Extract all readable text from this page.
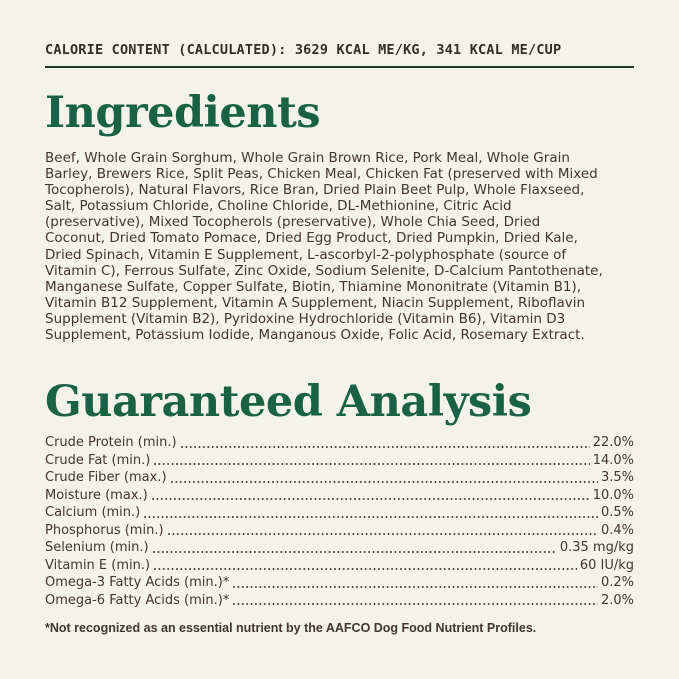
CALORIE CONTENT (CALCULATED): 3629 KCAL ME/KG, 341 KCAL ME/CUP
Ingredients
Beef, Whole Grain Sorghum, Whole Grain Brown Rice, Pork Meal, Whole Grain
Barley, Brewers Rice, Split Peas, Chicken Meal, Chicken Fat (preserved with Mixed
Tocopherols), Natural Flavors, Rice Bran, Dried Plain Beet Pulp, Whole Flaxseed,
Salt, Potassium Chloride, Choline Chloride, DL-Methionine, Citric Acid
(preservative), Mixed Tocopherols (preservative), Whole Chia Seed, Dried
Coconut, Dried Tomato Pomace, Dried Egg Product, Dried Pumpkin, Dried Kale,
Dried Spinach, Vitamin E Supplement, L-ascorbyl-2-polyphosphate (source of
Vitamin C), Ferrous Sulfate, Zinc Oxide, Sodium Selenite, D-Calcium Pantothenate,
Manganese Sulfate, Copper Sulfate, Biotin, Thiamine Mononitrate (Vitamin B1),
Vitamin B12 Supplement, Vitamin A Supplement, Niacin Supplement, Riboflavin
Supplement (Vitamin B2), Pyridoxine Hydrochloride (Vitamin B6), Vitamin D3
Supplement, Potassium Iodide, Manganous Oxide, Folic Acid, Rosemary Extract.
Guaranteed Analysis
Crude Protein (min.)	22.0%
Crude Fat (min.)	14.0%
Crude Fiber (max.)	3.5%
Moisture (max.)	10.0%
Calcium (min.)	0.5%
Phosphorus (min.)	0.4%
Selenium (min.)	0.35 mg/kg
Vitamin E (min.)	60 IU/kg
Omega-3 Fatty Acids (min.)*	0.2%
Omega-6 Fatty Acids (min.)*	2.0%
*Not recognized as an essential nutrient by the AAFCO Dog Food Nutrient Profiles.
